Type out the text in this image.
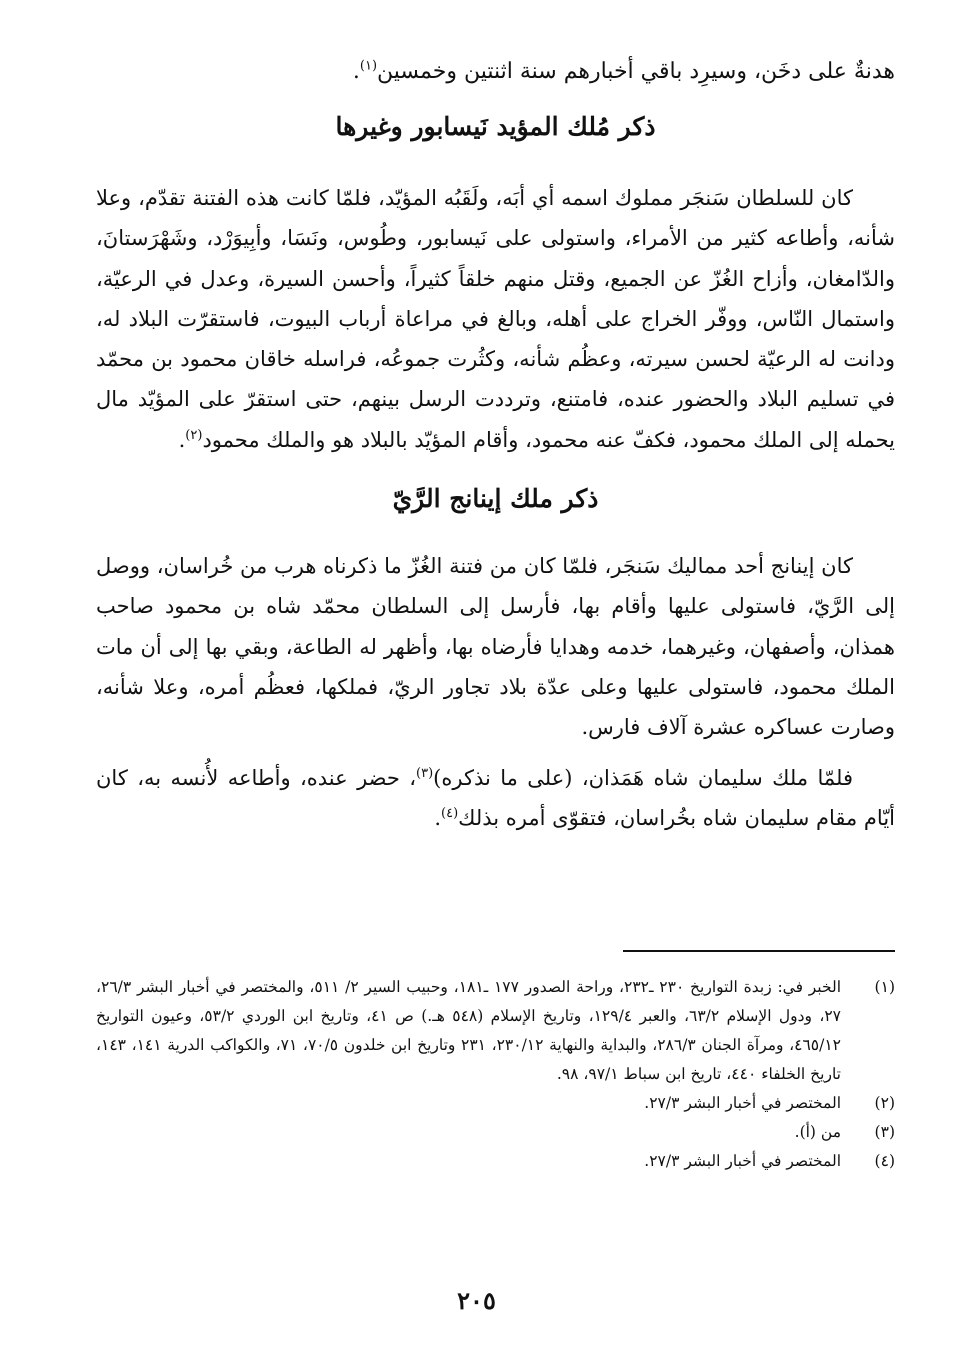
هدنةٌ على دخَن، وسيرِد باقي أخبارهم سنة اثنتين وخمسين$^{(١)}$.

ذكر مُلك المؤيد نَيسابور وغيرها

كان للسلطان سَنجَر مملوك اسمه أي أبَه، ولَقَبُه المؤيّد، فلمّا كانت هذه الفتنة تقدّم، وعلا شأنه، وأطاعه كثير من الأمراء، واستولى على نَيسابور، وطُوس، ونَسَا، وأبِيوَرْد، وشَهْرَستانَ، والدّامغان، وأزاح الغُزّ عن الجميع، وقتل منهم خلقاً كثيراً، وأحسن السيرة، وعدل في الرعيّة، واستمال النّاس، ووفّر الخراج على أهله، وبالغ في مراعاة أرباب البيوت، فاستقرّت البلاد له، ودانت له الرعيّة لحسن سيرته، وعظُم شأنه، وكثُرت جموعُه، فراسله خاقان محمود بن محمّد في تسليم البلاد والحضور عنده، فامتنع، وترددت الرسل بينهم، حتى استقرّ على المؤيّد مال يحمله إلى الملك محمود، فكفّ عنه محمود، وأقام المؤيّد بالبلاد هو والملك محمود$^{(٢)}$.

ذكر ملك إينانج الرَّيّ

كان إينانج أحد مماليك سَنجَر، فلمّا كان من فتنة الغُزّ ما ذكرناه هرب من خُراسان، ووصل إلى الرَّيّ، فاستولى عليها وأقام بها، فأرسل إلى السلطان محمّد شاه بن محمود صاحب همذان، وأصفهان، وغيرهما، خدمه وهدايا فأرضاه بها، وأظهر له الطاعة، وبقي بها إلى أن مات الملك محمود، فاستولى عليها وعلى عدّة بلاد تجاور الريّ، فملكها، فعظُم أمره، وعلا شأنه، وصارت عساكره عشرة آلاف فارس.

فلمّا ملك سليمان شاه هَمَذان، (على ما نذكره)$^{(٣)}$، حضر عنده، وأطاعه لأُنسه به، كان أيّام مقام سليمان شاه بخُراسان، فتقوّى أمره بذلك$^{(٤)}$.

(١)
الخبر في: زبدة التواريخ ٢٣٠ ـ٢٣٢، وراحة الصدور ١٧٧ ـ١٨١، وحبيب السير ٢/ ٥١١، والمختصر في أخبار البشر ٢٦/٣، ٢٧، ودول الإسلام ٦٣/٢، والعبر ١٢٩/٤، وتاريخ الإسلام (٥٤٨ هـ.) ص ٤١، وتاريخ ابن الوردي ٥٣/٢، وعيون التواريخ ٤٦٥/١٢، ومرآة الجنان ٢٨٦/٣، والبداية والنهاية ٢٣٠/١٢، ٢٣١ وتاريخ ابن خلدون ٧٠/٥، ٧١، والكواكب الدرية ١٤١، ١٤٣، تاريخ الخلفاء ٤٤٠، تاريخ ابن سباط ٩٧/١، ٩٨.
(٢)
المختصر في أخبار البشر ٢٧/٣.
(٣)
من (أ).
(٤)
المختصر في أخبار البشر ٢٧/٣.
٢٠٥
